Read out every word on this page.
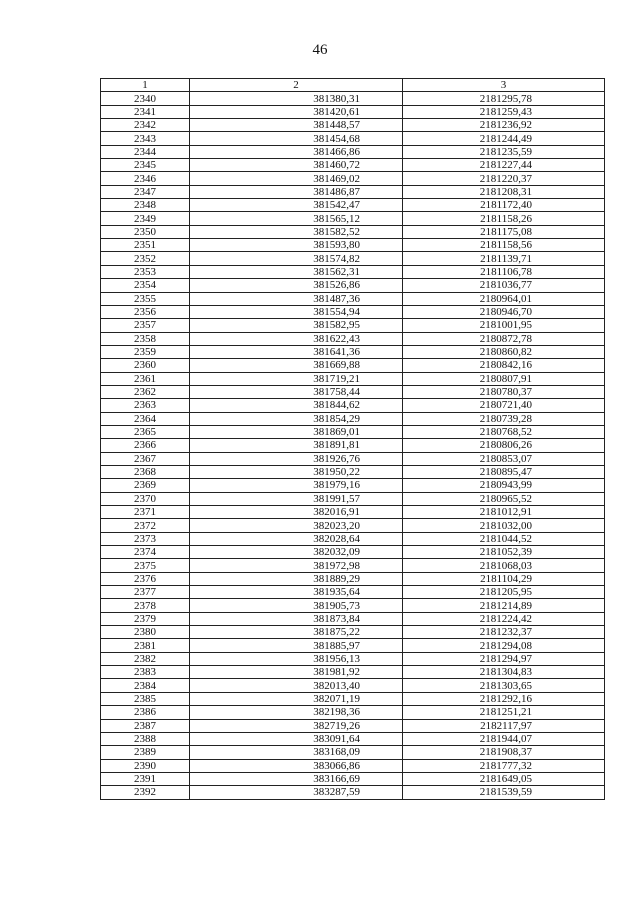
46
1	2	3
2340	381380,31	2181295,78
2341	381420,61	2181259,43
2342	381448,57	2181236,92
2343	381454,68	2181244,49
2344	381466,86	2181235,59
2345	381460,72	2181227,44
2346	381469,02	2181220,37
2347	381486,87	2181208,31
2348	381542,47	2181172,40
2349	381565,12	2181158,26
2350	381582,52	2181175,08
2351	381593,80	2181158,56
2352	381574,82	2181139,71
2353	381562,31	2181106,78
2354	381526,86	2181036,77
2355	381487,36	2180964,01
2356	381554,94	2180946,70
2357	381582,95	2181001,95
2358	381622,43	2180872,78
2359	381641,36	2180860,82
2360	381669,88	2180842,16
2361	381719,21	2180807,91
2362	381758,44	2180780,37
2363	381844,62	2180721,40
2364	381854,29	2180739,28
2365	381869,01	2180768,52
2366	381891,81	2180806,26
2367	381926,76	2180853,07
2368	381950,22	2180895,47
2369	381979,16	2180943,99
2370	381991,57	2180965,52
2371	382016,91	2181012,91
2372	382023,20	2181032,00
2373	382028,64	2181044,52
2374	382032,09	2181052,39
2375	381972,98	2181068,03
2376	381889,29	2181104,29
2377	381935,64	2181205,95
2378	381905,73	2181214,89
2379	381873,84	2181224,42
2380	381875,22	2181232,37
2381	381885,97	2181294,08
2382	381956,13	2181294,97
2383	381981,92	2181304,83
2384	382013,40	2181303,65
2385	382071,19	2181292,16
2386	382198,36	2181251,21
2387	382719,26	2182117,97
2388	383091,64	2181944,07
2389	383168,09	2181908,37
2390	383066,86	2181777,32
2391	383166,69	2181649,05
2392	383287,59	2181539,59
